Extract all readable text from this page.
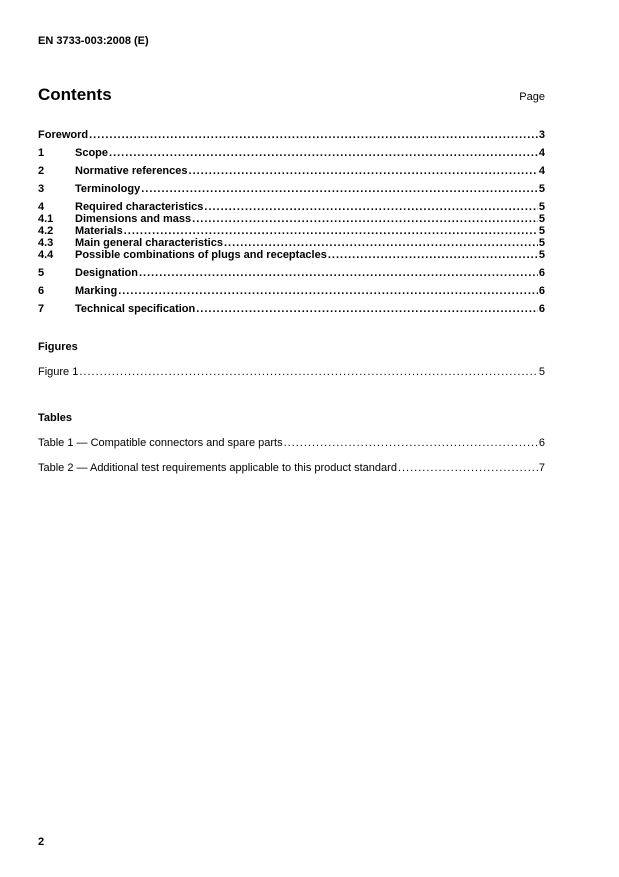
EN 3733-003:2008 (E)
Contents	Page
Foreword .....	3
1	Scope .....	4
2	Normative references .....	4
3	Terminology .....	5
4	Required characteristics .....	5
4.1	Dimensions and mass .....	5
4.2	Materials .....	5
4.3	Main general characteristics .....	5
4.4	Possible combinations of plugs and receptacles .....	5
5	Designation .....	6
6	Marking .....	6
7	Technical specification .....	6
Figures
Figure 1 .....	5
Tables
Table 1 — Compatible connectors and spare parts .....	6
Table 2 — Additional test requirements applicable to this product standard .....	7
2
